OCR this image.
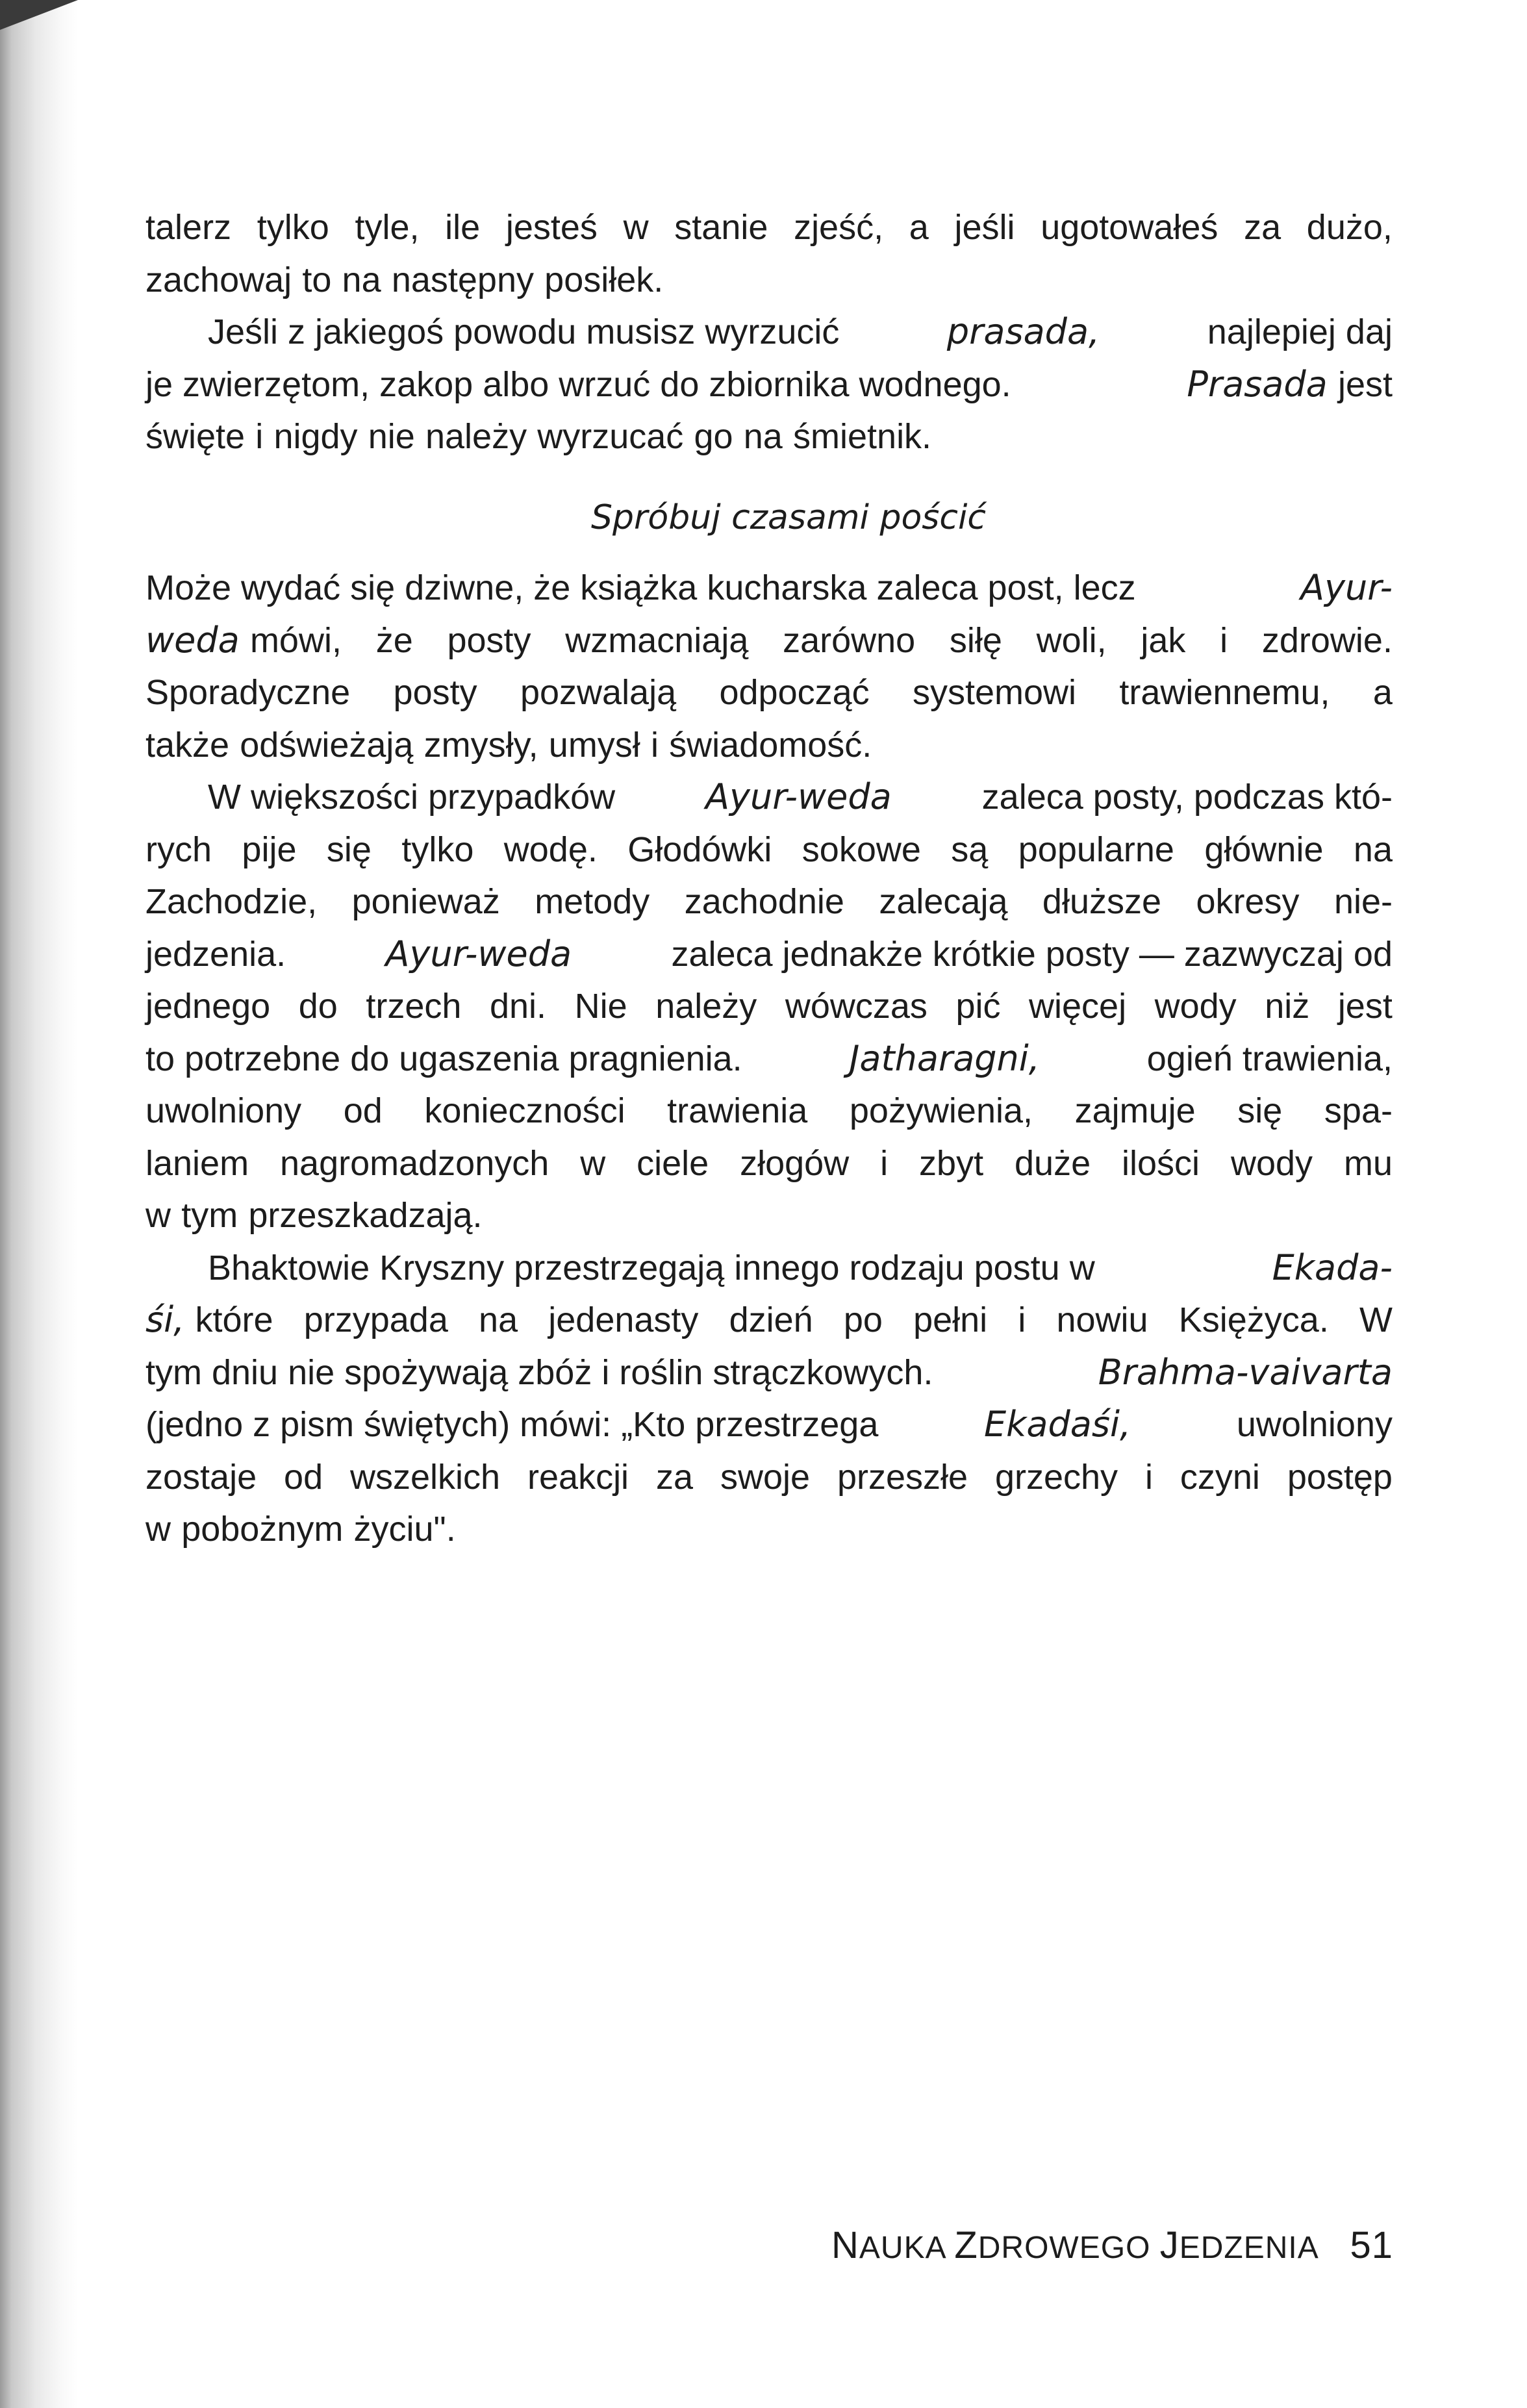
talerz tylko tyle, ile jesteś w stanie zjeść, a jeśli ugotowałeś za dużo,
zachowaj to na następny posiłek.
Jeśli z jakiegoś powodu musisz wyrzucić	prasada,	najlepiej daj
je zwierzętom, zakop albo wrzuć do zbiornika wodnego.	Prasada jest
święte i nigdy nie należy wyrzucać go na śmietnik.
Spróbuj czasami pościć
Może wydać się dziwne, że książka kucharska zaleca post, lecz	Ayur-
weda mówi, że posty wzmacniają zarówno siłę woli, jak i zdrowie.
Sporadyczne posty pozwalają odpocząć systemowi trawiennemu, a
także odświeżają zmysły, umysł i świadomość.
W większości przypadków	Ayur-weda	zaleca posty, podczas któ-
rych pije się tylko wodę. Głodówki sokowe są popularne głównie na
Zachodzie, ponieważ metody zachodnie zalecają dłuższe okresy nie-
jedzenia.	Ayur-weda	zaleca jednakże krótkie posty — zazwyczaj od
jednego do trzech dni. Nie należy wówczas pić więcej wody niż jest
to potrzebne do ugaszenia pragnienia.	Jatharagni,	ogień trawienia,
uwolniony od konieczności trawienia pożywienia, zajmuje się spa-
laniem nagromadzonych w ciele złogów i zbyt duże ilości wody mu
w tym przeszkadzają.
Bhaktowie Kryszny przestrzegają innego rodzaju postu w	Ekada-
śi, które przypada na jedenasty dzień po pełni i nowiu Księżyca. W
tym dniu nie spożywają zbóż i roślin strączkowych.	Brahma-vaivarta
(jedno z pism świętych) mówi: „Kto przestrzega	Ekadaśi,	uwolniony
zostaje od wszelkich reakcji za swoje przeszłe grzechy i czyni postęp
w pobożnym życiu".
NAUKA ZDROWEGO JEDZENIA 51
